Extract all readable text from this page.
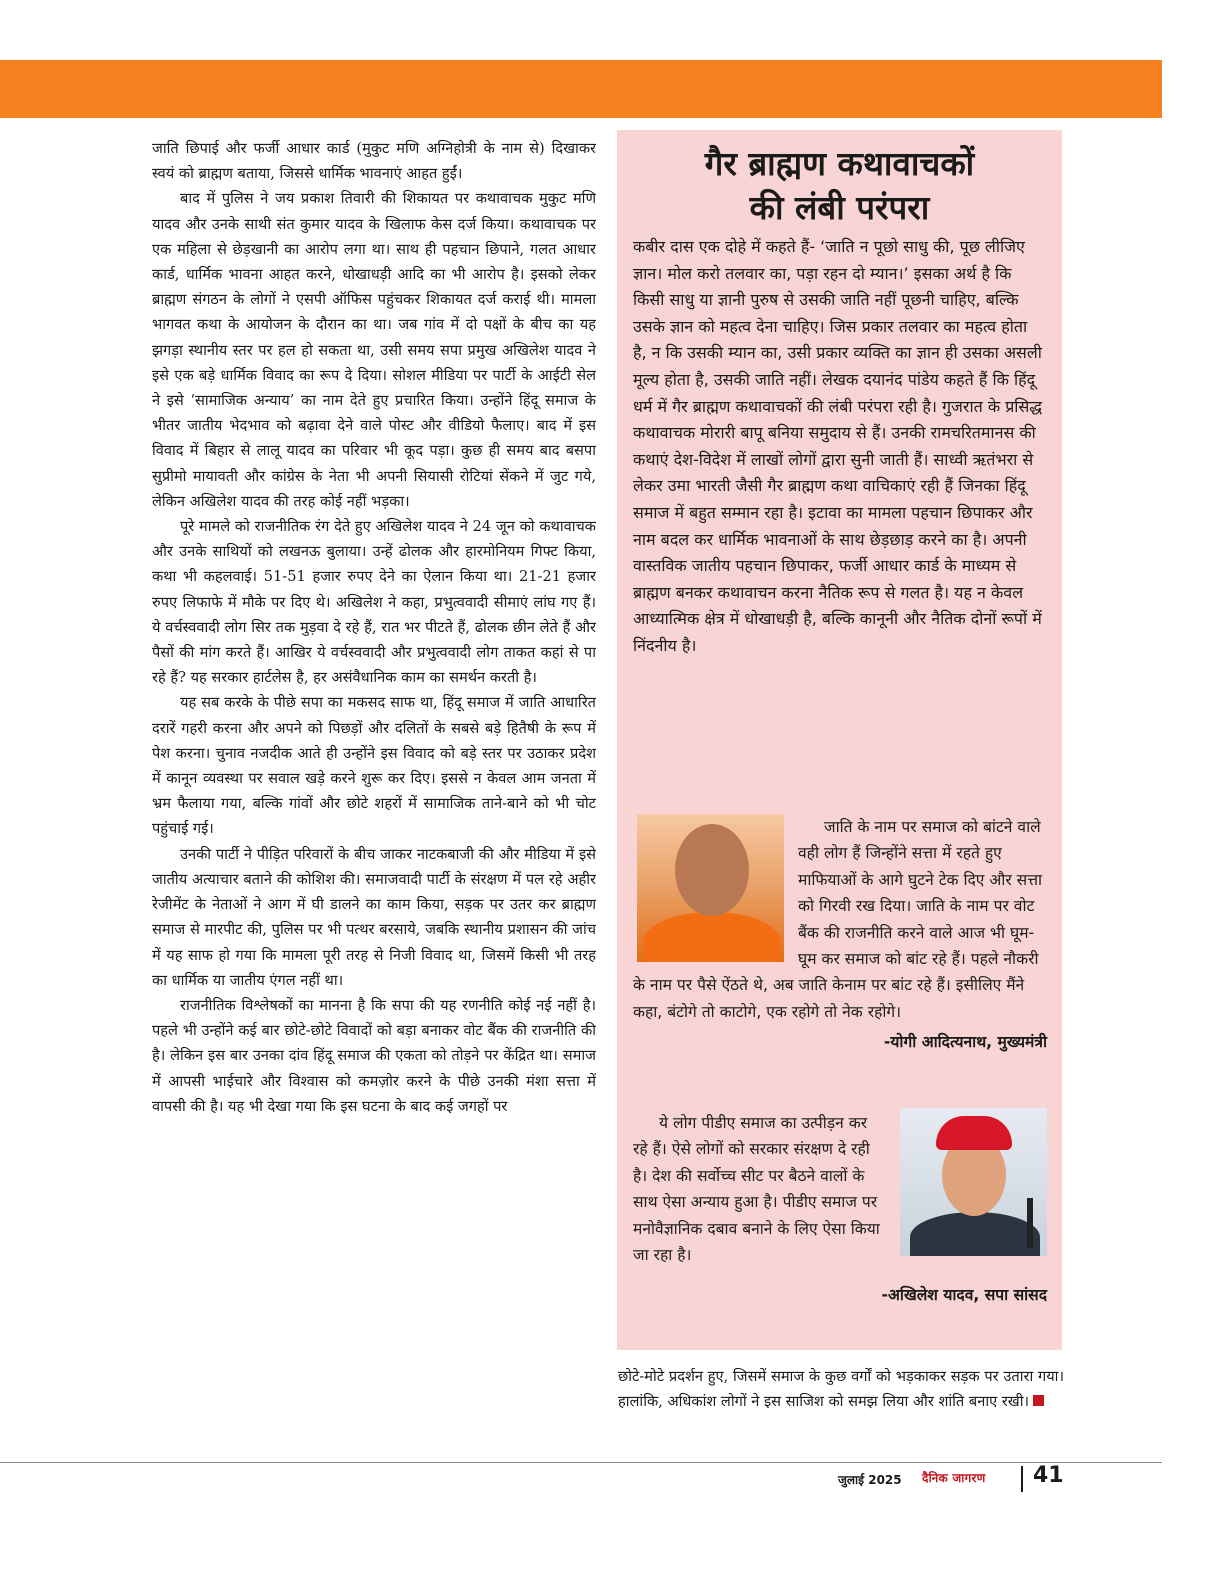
जाति छिपाई और फर्जी आधार कार्ड (मुकुट मणि अग्निहोत्री के नाम से) दिखाकर स्वयं को ब्राह्मण बताया, जिससे धार्मिक भावनाएं आहत हुईं।

बाद में पुलिस ने जय प्रकाश तिवारी की शिकायत पर कथावाचक मुकुट मणि यादव और उनके साथी संत कुमार यादव के खिलाफ केस दर्ज किया। कथावाचक पर एक महिला से छेड़खानी का आरोप लगा था। साथ ही पहचान छिपाने, गलत आधार कार्ड, धार्मिक भावना आहत करने, धोखाधड़ी आदि का भी आरोप है। इसको लेकर ब्राह्मण संगठन के लोगों ने एसपी ऑफिस पहुंचकर शिकायत दर्ज कराई थी। मामला भागवत कथा के आयोजन के दौरान का था। जब गांव में दो पक्षों के बीच का यह झगड़ा स्थानीय स्तर पर हल हो सकता था, उसी समय सपा प्रमुख अखिलेश यादव ने इसे एक बड़े धार्मिक विवाद का रूप दे दिया। सोशल मीडिया पर पार्टी के आईटी सेल ने इसे ‘सामाजिक अन्याय’ का नाम देते हुए प्रचारित किया। उन्होंने हिंदू समाज के भीतर जातीय भेदभाव को बढ़ावा देने वाले पोस्ट और वीडियो फैलाए। बाद में इस विवाद में बिहार से लालू यादव का परिवार भी कूद पड़ा। कुछ ही समय बाद बसपा सुप्रीमो मायावती और कांग्रेस के नेता भी अपनी सियासी रोटियां सेंकने में जुट गये, लेकिन अखिलेश यादव की तरह कोई नहीं भड़का।

पूरे मामले को राजनीतिक रंग देते हुए अखिलेश यादव ने 24 जून को कथावाचक और उनके साथियों को लखनऊ बुलाया। उन्हें ढोलक और हारमोनियम गिफ्ट किया, कथा भी कहलवाई। 51-51 हजार रुपए देने का ऐलान किया था। 21-21 हजार रुपए लिफाफे में मौके पर दिए थे। अखिलेश ने कहा, प्रभुत्ववादी सीमाएं लांघ गए हैं। ये वर्चस्ववादी लोग सिर तक मुड़वा दे रहे हैं, रात भर पीटते हैं, ढोलक छीन लेते हैं और पैसों की मांग करते हैं। आखिर ये वर्चस्ववादी और प्रभुत्ववादी लोग ताकत कहां से पा रहे हैं? यह सरकार हार्टलेस है, हर असंवैधानिक काम का समर्थन करती है।

यह सब करके के पीछे सपा का मकसद साफ था, हिंदू समाज में जाति आधारित दरारें गहरी करना और अपने को पिछड़ों और दलितों के सबसे बड़े हितैषी के रूप में पेश करना। चुनाव नजदीक आते ही उन्होंने इस विवाद को बड़े स्तर पर उठाकर प्रदेश में कानून व्यवस्था पर सवाल खड़े करने शुरू कर दिए। इससे न केवल आम जनता में भ्रम फैलाया गया, बल्कि गांवों और छोटे शहरों में सामाजिक ताने-बाने को भी चोट पहुंचाई गई।

उनकी पार्टी ने पीड़ित परिवारों के बीच जाकर नाटकबाजी की और मीडिया में इसे जातीय अत्याचार बताने की कोशिश की। समाजवादी पार्टी के संरक्षण में पल रहे अहीर रेजीमेंट के नेताओं ने आग में घी डालने का काम किया, सड़क पर उतर कर ब्राह्मण समाज से मारपीट की, पुलिस पर भी पत्थर बरसाये, जबकि स्थानीय प्रशासन की जांच में यह साफ हो गया कि मामला पूरी तरह से निजी विवाद था, जिसमें किसी भी तरह का धार्मिक या जातीय एंगल नहीं था।

राजनीतिक विश्लेषकों का मानना है कि सपा की यह रणनीति कोई नई नहीं है। पहले भी उन्होंने कई बार छोटे-छोटे विवादों को बड़ा बनाकर वोट बैंक की राजनीति की है। लेकिन इस बार उनका दांव हिंदू समाज की एकता को तोड़ने पर केंद्रित था। समाज में आपसी भाईचारे और विश्वास को कमज़ोर करने के पीछे उनकी मंशा सत्ता में वापसी की है। यह भी देखा गया कि इस घटना के बाद कई जगहों पर

गैर ब्राह्मण कथावाचकों
की लंबी परंपरा
कबीर दास एक दोहे में कहते हैं- ‘जाति न पूछो साधु की, पूछ लीजिए ज्ञान। मोल करो तलवार का, पड़ा रहन दो म्यान।’ इसका अर्थ है कि किसी साधु या ज्ञानी पुरुष से उसकी जाति नहीं पूछनी चाहिए, बल्कि उसके ज्ञान को महत्व देना चाहिए। जिस प्रकार तलवार का महत्व होता है, न कि उसकी म्यान का, उसी प्रकार व्यक्ति का ज्ञान ही उसका असली मूल्य होता है, उसकी जाति नहीं। लेखक दयानंद पांडेय कहते हैं कि हिंदू धर्म में गैर ब्राह्मण कथावाचकों की लंबी परंपरा रही है। गुजरात के प्रसिद्ध कथावाचक मोरारी बापू बनिया समुदाय से हैं। उनकी रामचरितमानस की कथाएं देश-विदेश में लाखों लोगों द्वारा सुनी जाती हैं। साध्वी ऋतंभरा से लेकर उमा भारती जैसी गैर ब्राह्मण कथा वाचिकाएं रही हैं जिनका हिंदू समाज में बहुत सम्मान रहा है। इटावा का मामला पहचान छिपाकर और नाम बदल कर धार्मिक भावनाओं के साथ छेड़छाड़ करने का है। अपनी वास्तविक जातीय पहचान छिपाकर, फर्जी आधार कार्ड के माध्यम से ब्राह्मण बनकर कथावाचन करना नैतिक रूप से गलत है। यह न केवल आध्यात्मिक क्षेत्र में धोखाधड़ी है, बल्कि कानूनी और नैतिक दोनों रूपों में निंदनीय है।

जाति के नाम पर समाज को बांटने वाले वही लोग हैं जिन्होंने सत्ता में रहते हुए माफियाओं के आगे घुटने टेक दिए और सत्ता को गिरवी रख दिया। जाति के नाम पर वोट बैंक की राजनीति करने वाले आज भी घूम-घूम कर समाज को बांट रहे हैं। पहले नौकरी के नाम पर पैसे ऐंठते थे, अब जाति केनाम पर बांट रहे हैं। इसीलिए मैंने कहा, बंटोगे तो काटोगे, एक रहोगे तो नेक रहोगे।

-योगी आदित्यनाथ, मुख्यमंत्री

ये लोग पीडीए समाज का उत्पीड़न कर रहे हैं। ऐसे लोगों को सरकार संरक्षण दे रही है। देश की सर्वोच्च सीट पर बैठने वालों के साथ ऐसा अन्याय हुआ है। पीडीए समाज पर मनोवैज्ञानिक दबाव बनाने के लिए ऐसा किया जा रहा है।

-अखिलेश यादव, सपा सांसद

छोटे-मोटे प्रदर्शन हुए, जिसमें समाज के कुछ वर्गों को भड़काकर सड़क पर उतारा गया। हालांकि, अधिकांश लोगों ने इस साजिश को समझ लिया और शांति बनाए रखी।

जुलाई 2025 दैनिक जागरण 41
